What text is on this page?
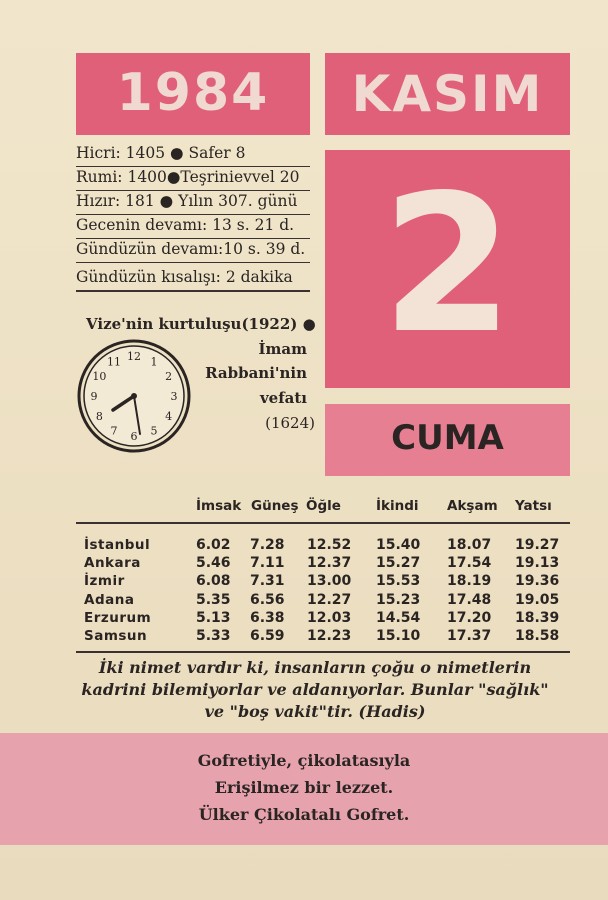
1984	KASIM
Hicri: 1405 ● Safer 8
Rumi: 1400●Teşrinievvel 20
Hızır: 181 ● Yılın 307. günü
Gecenin devamı: 13 s. 21 d.
Gündüzün devamı:10 s. 39 d.
Gündüzün kısalışı: 2 dakika 2
CUMA
Vize'nin kurtuluşu(1922) ●
İmam
Rabbani'nin
vefatı
(1624)
12 1
2
3
4
5
6
7
8
9
10
11
İmsak Güneş Öğle	İkindi Akşam Yatsı
İstanbul	6.02 7.28 12.52 15.40 18.07 19.27
Ankara	5.46 7.11 12.37 15.27 17.54 19.13
İzmir	6.08 7.31 13.00 15.53 18.19 19.36
Adana	5.35 6.56 12.27 15.23 17.48 19.05
Erzurum	5.13 6.38 12.03 14.54 17.20 18.39
Samsun	5.33 6.59 12.23 15.10 17.37 18.58
İki nimet vardır ki, insanların çoğu o nimetlerin
kadrini bilemiyorlar ve aldanıyorlar. Bunlar "sağlık"
ve "boş vakit"tir. (Hadis)
Gofretiyle, çikolatasıyla
Erişilmez bir lezzet.
Ülker Çikolatalı Gofret.
